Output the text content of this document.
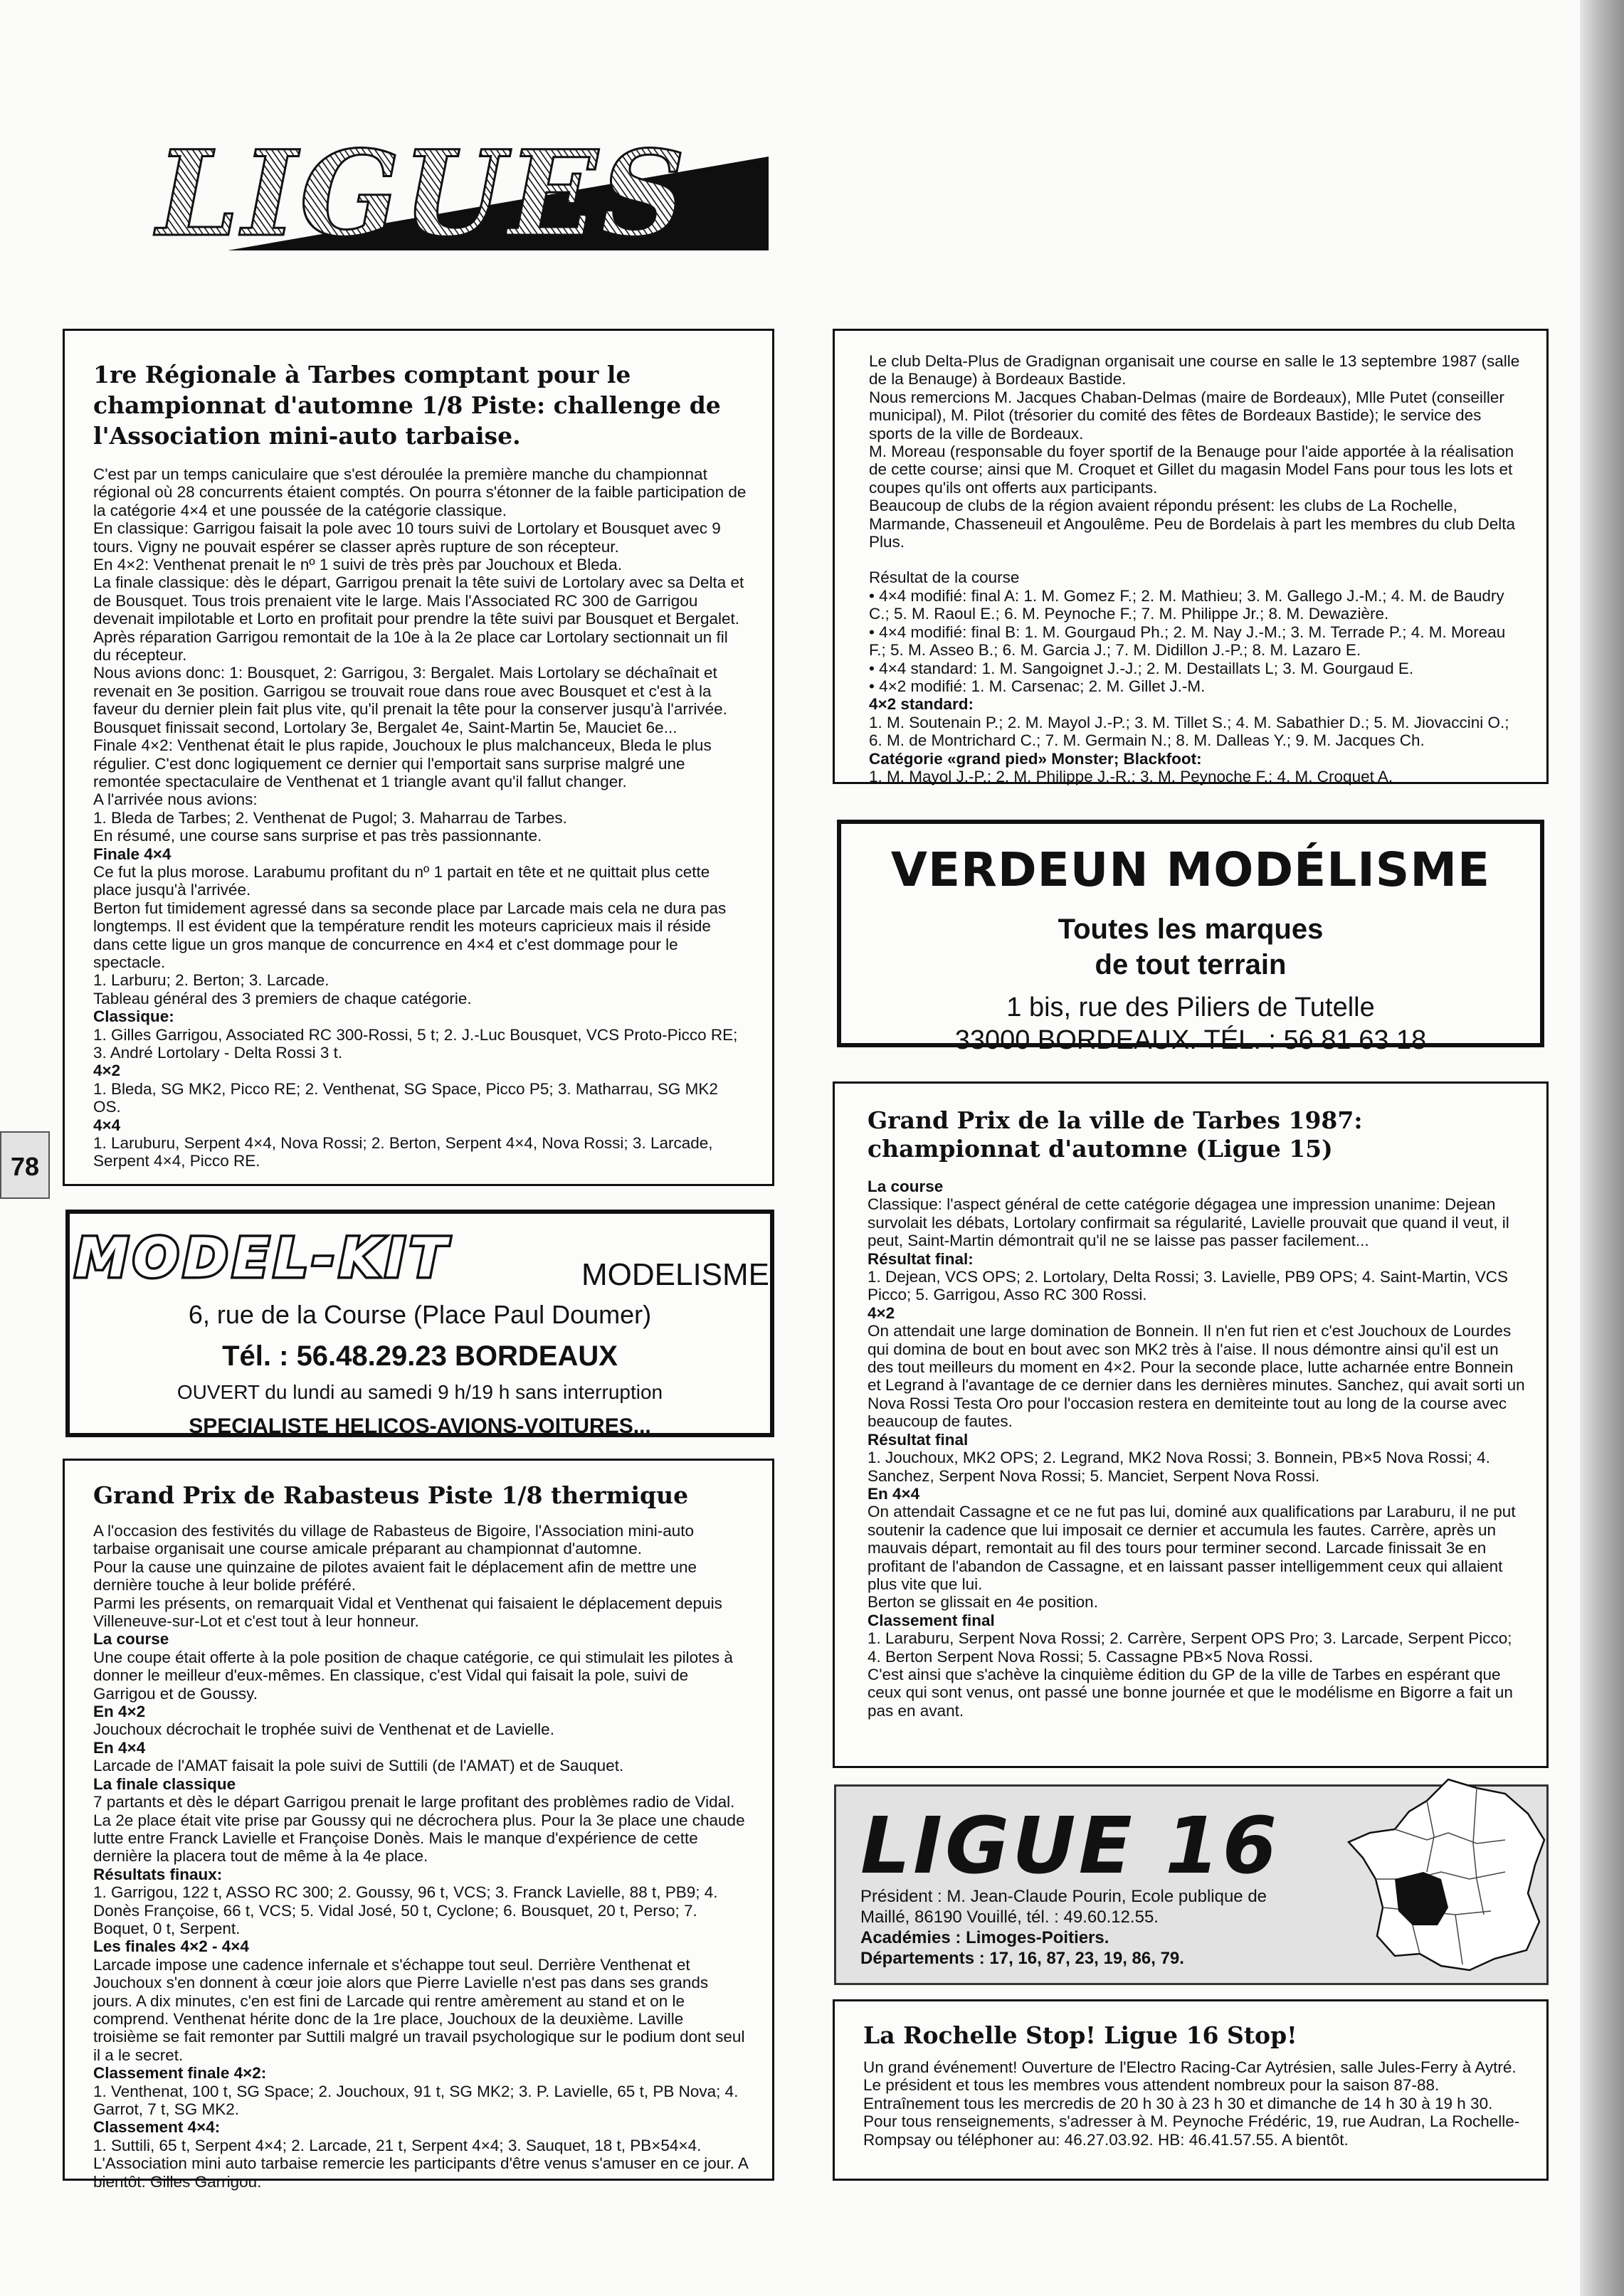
LIGUES
78
1re Régionale à Tarbes comptant pour le championnat d'automne 1/8 Piste: challenge de l'Association mini-auto tarbaise.

C'est par un temps caniculaire que s'est déroulée la première manche du championnat régional où 28 concurrents étaient comptés. On pourra s'étonner de la faible participation de la catégorie 4×4 et une poussée de la catégorie classique.

En classique: Garrigou faisait la pole avec 10 tours suivi de Lortolary et Bousquet avec 9 tours. Vigny ne pouvait espérer se classer après rupture de son récepteur.

En 4×2: Venthenat prenait le nº 1 suivi de très près par Jouchoux et Bleda.

La finale classique: dès le départ, Garrigou prenait la tête suivi de Lortolary avec sa Delta et de Bousquet. Tous trois prenaient vite le large. Mais l'Associated RC 300 de Garrigou devenait impilotable et Lorto en profitait pour prendre la tête suivi par Bousquet et Bergalet.

Après réparation Garrigou remontait de la 10e à la 2e place car Lortolary sectionnait un fil du récepteur.

Nous avions donc: 1: Bousquet, 2: Garrigou, 3: Bergalet. Mais Lortolary se déchaînait et revenait en 3e position. Garrigou se trouvait roue dans roue avec Bousquet et c'est à la faveur du dernier plein fait plus vite, qu'il prenait la tête pour la conserver jusqu'à l'arrivée.

Bousquet finissait second, Lortolary 3e, Bergalet 4e, Saint-Martin 5e, Mauciet 6e...

Finale 4×2: Venthenat était le plus rapide, Jouchoux le plus malchanceux, Bleda le plus régulier. C'est donc logiquement ce dernier qui l'emportait sans surprise malgré une remontée spectaculaire de Venthenat et 1 triangle avant qu'il fallut changer.

A l'arrivée nous avions:

1. Bleda de Tarbes; 2. Venthenat de Pugol; 3. Maharrau de Tarbes.

En résumé, une course sans surprise et pas très passionnante.

Finale 4×4

Ce fut la plus morose. Larabumu profitant du nº 1 partait en tête et ne quittait plus cette place jusqu'à l'arrivée.

Berton fut timidement agressé dans sa seconde place par Larcade mais cela ne dura pas longtemps. Il est évident que la température rendit les moteurs capricieux mais il réside dans cette ligue un gros manque de concurrence en 4×4 et c'est dommage pour le spectacle.

1. Larburu; 2. Berton; 3. Larcade.

Tableau général des 3 premiers de chaque catégorie.

Classique:

1. Gilles Garrigou, Associated RC 300-Rossi, 5 t; 2. J.-Luc Bousquet, VCS Proto-Picco RE; 3. André Lortolary - Delta Rossi 3 t.

4×2

1. Bleda, SG MK2, Picco RE; 2. Venthenat, SG Space, Picco P5; 3. Matharrau, SG MK2 OS.

4×4

1. Laruburu, Serpent 4×4, Nova Rossi; 2. Berton, Serpent 4×4, Nova Rossi; 3. Larcade, Serpent 4×4, Picco RE.

Le club Delta-Plus de Gradignan organisait une course en salle le 13 septembre 1987 (salle de la Benauge) à Bordeaux Bastide.

Nous remercions M. Jacques Chaban-Delmas (maire de Bordeaux), Mlle Putet (conseiller municipal), M. Pilot (trésorier du comité des fêtes de Bordeaux Bastide); le service des sports de la ville de Bordeaux.

M. Moreau (responsable du foyer sportif de la Benauge pour l'aide apportée à la réalisation de cette course; ainsi que M. Croquet et Gillet du magasin Model Fans pour tous les lots et coupes qu'ils ont offerts aux participants.

Beaucoup de clubs de la région avaient répondu présent: les clubs de La Rochelle, Marmande, Chasseneuil et Angoulême. Peu de Bordelais à part les membres du club Delta Plus.

Résultat de la course

• 4×4 modifié: final A: 1. M. Gomez F.; 2. M. Mathieu; 3. M. Gallego J.-M.; 4. M. de Baudry C.; 5. M. Raoul E.; 6. M. Peynoche F.; 7. M. Philippe Jr.; 8. M. Dewazière.

• 4×4 modifié: final B: 1. M. Gourgaud Ph.; 2. M. Nay J.-M.; 3. M. Terrade P.; 4. M. Moreau F.; 5. M. Asseo B.; 6. M. Garcia J.; 7. M. Didillon J.-P.; 8. M. Lazaro E.

• 4×4 standard: 1. M. Sangoignet J.-J.; 2. M. Destaillats L; 3. M. Gourgaud E.

• 4×2 modifié: 1. M. Carsenac; 2. M. Gillet J.-M.

4×2 standard:

1. M. Soutenain P.; 2. M. Mayol J.-P.; 3. M. Tillet S.; 4. M. Sabathier D.; 5. M. Jiovaccini O.; 6. M. de Montrichard C.; 7. M. Germain N.; 8. M. Dalleas Y.; 9. M. Jacques Ch.

Catégorie «grand pied» Monster; Blackfoot:

1. M. Mayol J.-P.; 2. M. Philippe J.-R.; 3. M. Peynoche F.; 4. M. Croquet A.

VERDEUN MODÉLISME
Toutes les marques
de tout terrain
1 bis, rue des Piliers de Tutelle
33000 BORDEAUX. TÉL. : 56 81 63 18
MODEL-KIT	MODELISME
6, rue de la Course (Place Paul Doumer)
Tél. : 56.48.29.23 BORDEAUX
OUVERT du lundi au samedi 9 h/19 h sans interruption
SPECIALISTE HELICOS-AVIONS-VOITURES...
Grand Prix de la ville de Tarbes 1987: championnat d'automne (Ligue 15)

La course

Classique: l'aspect général de cette catégorie dégagea une impression unanime: Dejean survolait les débats, Lortolary confirmait sa régularité, Lavielle prouvait que quand il veut, il peut, Saint-Martin démontrait qu'il ne se laisse pas passer facilement...

Résultat final:

1. Dejean, VCS OPS; 2. Lortolary, Delta Rossi; 3. Lavielle, PB9 OPS; 4. Saint-Martin, VCS Picco; 5. Garrigou, Asso RC 300 Rossi.

4×2

On attendait une large domination de Bonnein. Il n'en fut rien et c'est Jouchoux de Lourdes qui domina de bout en bout avec son MK2 très à l'aise. Il nous démontre ainsi qu'il est un des tout meilleurs du moment en 4×2. Pour la seconde place, lutte acharnée entre Bonnein et Legrand à l'avantage de ce dernier dans les dernières minutes. Sanchez, qui avait sorti un Nova Rossi Testa Oro pour l'occasion restera en demiteinte tout au long de la course avec beaucoup de fautes.

Résultat final

1. Jouchoux, MK2 OPS; 2. Legrand, MK2 Nova Rossi; 3. Bonnein, PB×5 Nova Rossi; 4. Sanchez, Serpent Nova Rossi; 5. Manciet, Serpent Nova Rossi.

En 4×4

On attendait Cassagne et ce ne fut pas lui, dominé aux qualifications par Laraburu, il ne put soutenir la cadence que lui imposait ce dernier et accumula les fautes. Carrère, après un mauvais départ, remontait au fil des tours pour terminer second. Larcade finissait 3e en profitant de l'abandon de Cassagne, et en laissant passer intelligemment ceux qui allaient plus vite que lui.

Berton se glissait en 4e position.

Classement final

1. Laraburu, Serpent Nova Rossi; 2. Carrère, Serpent OPS Pro; 3. Larcade, Serpent Picco; 4. Berton Serpent Nova Rossi; 5. Cassagne PB×5 Nova Rossi.

C'est ainsi que s'achève la cinquième édition du GP de la ville de Tarbes en espérant que ceux qui sont venus, ont passé une bonne journée et que le modélisme en Bigorre a fait un pas en avant.

Grand Prix de Rabasteus Piste 1/8 thermique

A l'occasion des festivités du village de Rabasteus de Bigoire, l'Association mini-auto tarbaise organisait une course amicale préparant au championnat d'automne.

Pour la cause une quinzaine de pilotes avaient fait le déplacement afin de mettre une dernière touche à leur bolide préféré.

Parmi les présents, on remarquait Vidal et Venthenat qui faisaient le déplacement depuis Villeneuve-sur-Lot et c'est tout à leur honneur.

La course

Une coupe était offerte à la pole position de chaque catégorie, ce qui stimulait les pilotes à donner le meilleur d'eux-mêmes. En classique, c'est Vidal qui faisait la pole, suivi de Garrigou et de Goussy.

En 4×2

Jouchoux décrochait le trophée suivi de Venthenat et de Lavielle.

En 4×4

Larcade de l'AMAT faisait la pole suivi de Suttili (de l'AMAT) et de Sauquet.

La finale classique

7 partants et dès le départ Garrigou prenait le large profitant des problèmes radio de Vidal. La 2e place était vite prise par Goussy qui ne décrochera plus. Pour la 3e place une chaude lutte entre Franck Lavielle et Françoise Donès. Mais le manque d'expérience de cette dernière la placera tout de même à la 4e place.

Résultats finaux:

1. Garrigou, 122 t, ASSO RC 300; 2. Goussy, 96 t, VCS; 3. Franck Lavielle, 88 t, PB9; 4. Donès Françoise, 66 t, VCS; 5. Vidal José, 50 t, Cyclone; 6. Bousquet, 20 t, Perso; 7. Boquet, 0 t, Serpent.

Les finales 4×2 - 4×4

Larcade impose une cadence infernale et s'échappe tout seul. Derrière Venthenat et Jouchoux s'en donnent à cœur joie alors que Pierre Lavielle n'est pas dans ses grands jours. A dix minutes, c'en est fini de Larcade qui rentre amèrement au stand et on le comprend. Venthenat hérite donc de la 1re place, Jouchoux de la deuxième. Laville troisième se fait remonter par Suttili malgré un travail psychologique sur le podium dont seul il a le secret.

Classement finale 4×2:

1. Venthenat, 100 t, SG Space; 2. Jouchoux, 91 t, SG MK2; 3. P. Lavielle, 65 t, PB Nova; 4. Garrot, 7 t, SG MK2.

Classement 4×4:

1. Suttili, 65 t, Serpent 4×4; 2. Larcade, 21 t, Serpent 4×4; 3. Sauquet, 18 t, PB×54×4.

L'Association mini auto tarbaise remercie les participants d'être venus s'amuser en ce jour. A bientôt. Gilles Garrigou.

LIGUE 16
Président : M. Jean-Claude Pourin, Ecole publique de Maillé, 86190 Vouillé, tél. : 49.60.12.55.
Académies : Limoges-Poitiers.
Départements : 17, 16, 87, 23, 19, 86, 79.
La Rochelle Stop! Ligue 16 Stop!

Un grand événement! Ouverture de l'Electro Racing-Car Aytrésien, salle Jules-Ferry à Aytré. Le président et tous les membres vous attendent nombreux pour la saison 87-88. Entraînement tous les mercredis de 20 h 30 à 23 h 30 et dimanche de 14 h 30 à 19 h 30. Pour tous renseignements, s'adresser à M. Peynoche Frédéric, 19, rue Audran, La Rochelle-Rompsay ou téléphoner au: 46.27.03.92. HB: 46.41.57.55. A bientôt.
